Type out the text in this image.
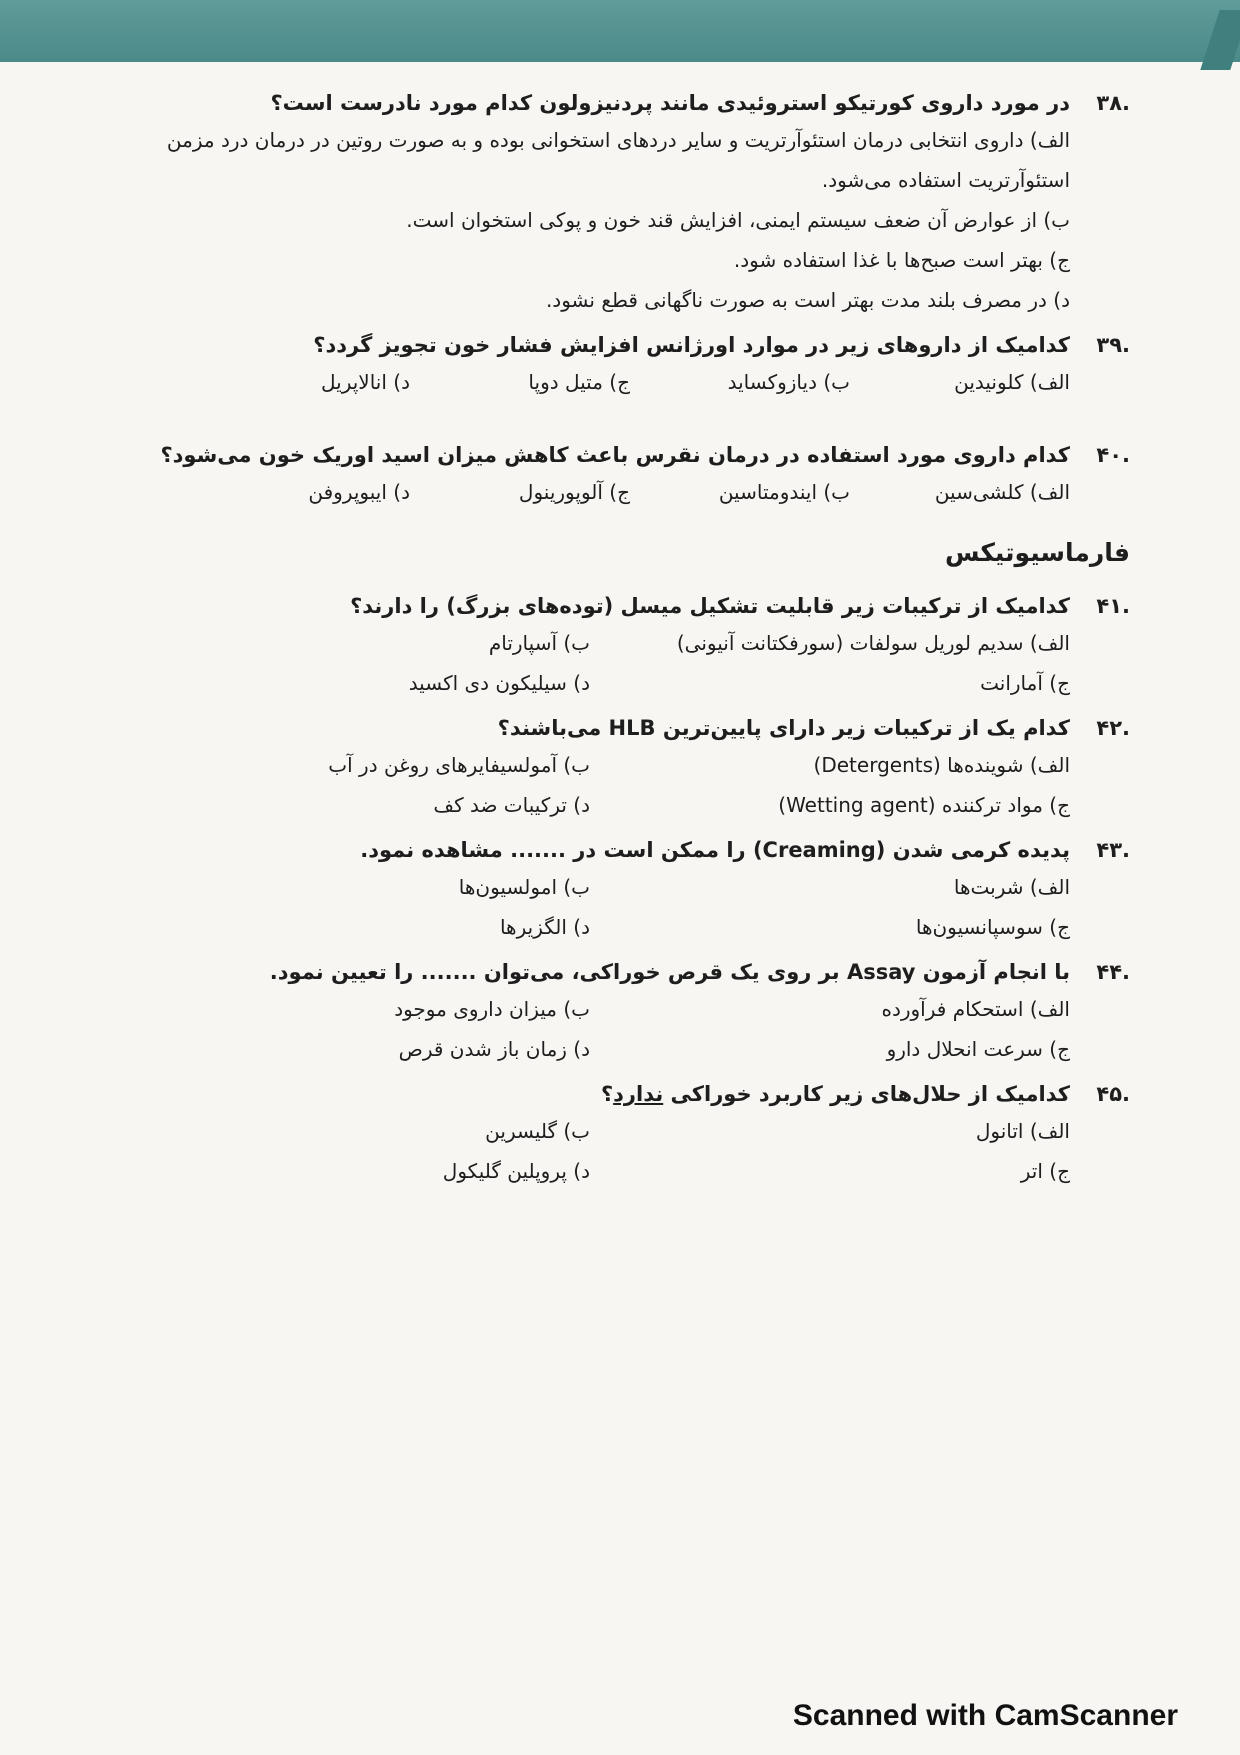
۳۸.
در مورد داروی کورتیکو استروئیدی مانند پردنیزولون کدام مورد نادرست است؟
الف) داروی انتخابی درمان استئوآرتریت و سایر دردهای استخوانی بوده و به صورت روتین در درمان درد مزمن استئوآرتریت استفاده می‌شود.
ب) از عوارض آن ضعف سیستم ایمنی، افزایش قند خون و پوکی استخوان است.
ج) بهتر است صبح‌ها با غذا استفاده شود.
د) در مصرف بلند مدت بهتر است به صورت ناگهانی قطع نشود.
۳۹.
کدامیک از داروهای زیر در موارد اورژانس افزایش فشار خون تجویز گردد؟
الف) کلونیدین
ب) دیازوکساید
ج) متیل دوپا
د) انالاپریل
۴۰.
کدام داروی مورد استفاده در درمان نقرس باعث کاهش میزان اسید اوریک خون می‌شود؟
الف) کلشی‌سین
ب) ایندومتاسین
ج) آلوپورینول
د) ایبوپروفن
فارماسیوتیکس
۴۱.
کدامیک از ترکیبات زیر قابلیت تشکیل میسل (توده‌های بزرگ) را دارند؟
الف) سدیم لوریل سولفات (سورفکتانت آنیونی)
ب) آسپارتام
ج) آمارانت
د) سیلیکون دی اکسید
۴۲.
کدام یک از ترکیبات زیر دارای پایین‌ترین HLB می‌باشند؟
الف) شوینده‌ها (Detergents)
ب) آمولسیفایرهای روغن در آب
ج) مواد ترکننده (Wetting agent)
د) ترکیبات ضد کف
۴۳.
پدیده کرمی شدن (Creaming) را ممکن است در ....... مشاهده نمود.
الف) شربت‌ها
ب) امولسیون‌ها
ج) سوسپانسیون‌ها
د) الگزیرها
۴۴.
با انجام آزمون Assay بر روی یک قرص خوراکی، می‌توان ....... را تعیین نمود.
الف) استحکام فرآورده
ب) میزان داروی موجود
ج) سرعت انحلال دارو
د) زمان باز شدن قرص
۴۵.
کدامیک از حلال‌های زیر کاربرد خوراکی ندارد؟
الف) اتانول
ب) گلیسرین
ج) اتر
د) پروپلین گلیکول
Scanned with CamScanner
